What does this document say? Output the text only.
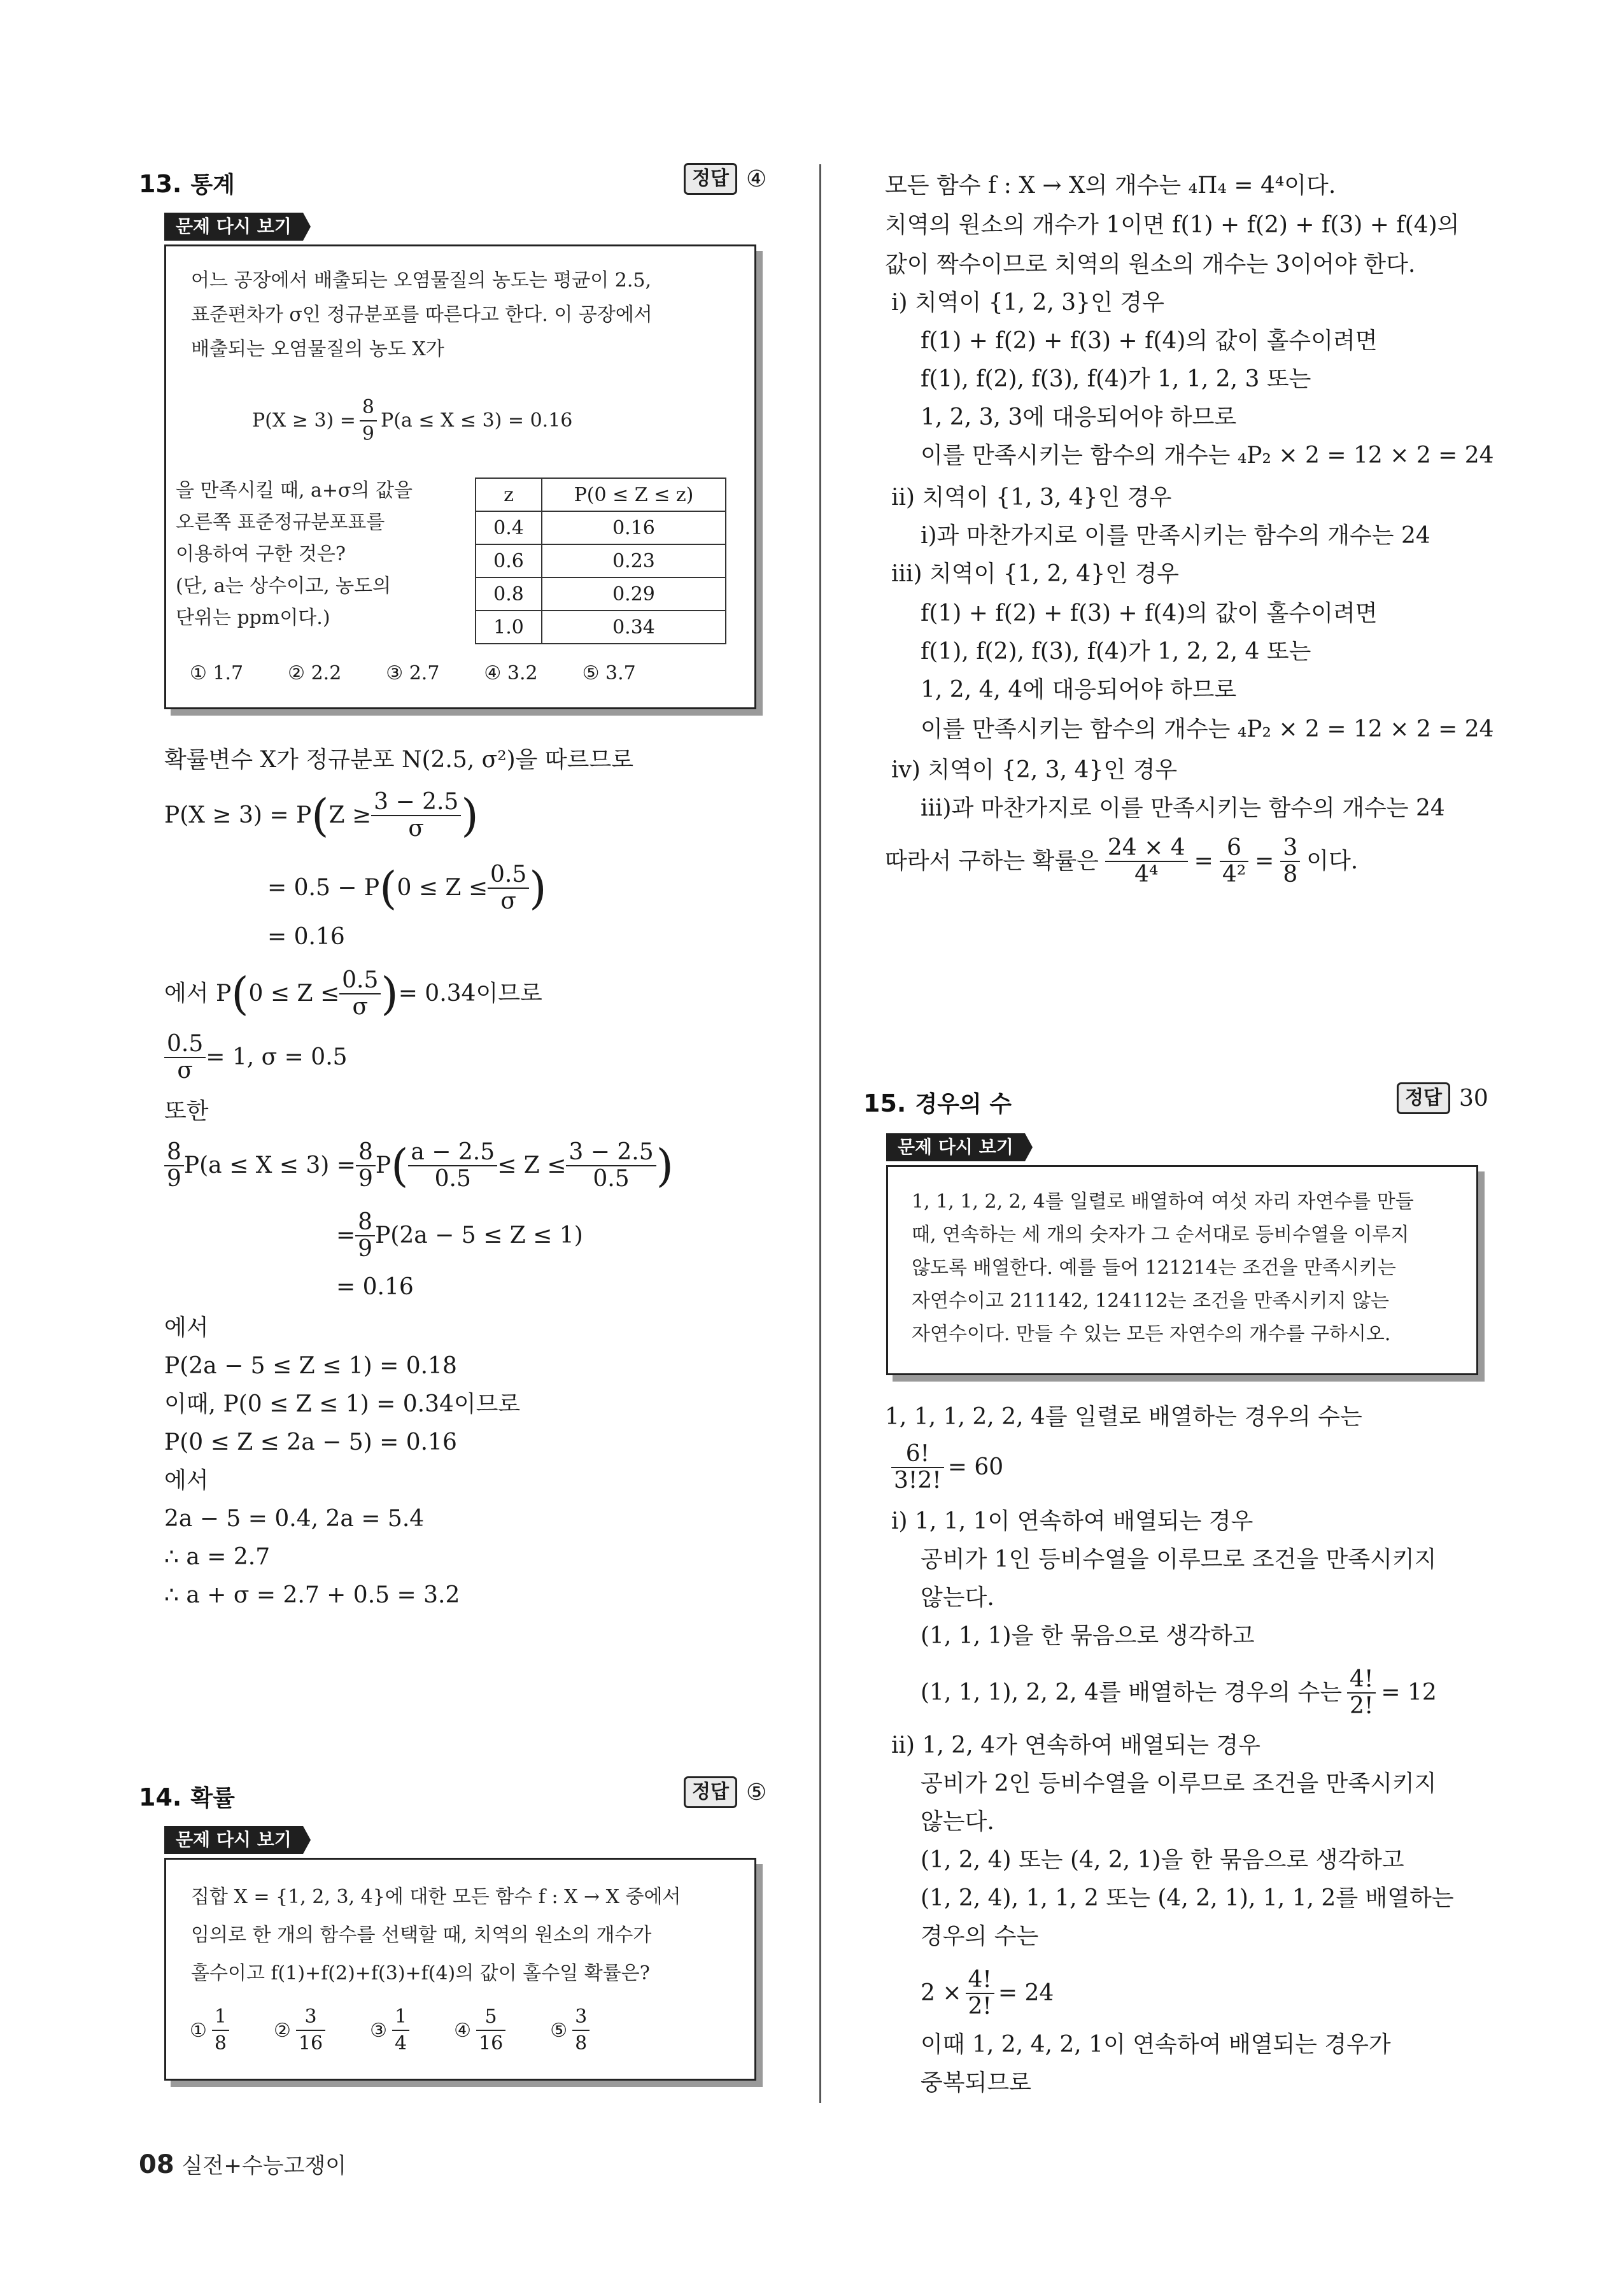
13. 통계	정답 ④
문제 다시 보기
어느 공장에서 배출되는 오염물질의 농도는 평균이 2.5,
표준편차가 σ인 정규분포를 따른다고 한다. 이 공장에서
배출되는 오염물질의 농도 X가
$P(X \ge 3) = \frac{8}{9} P(a \le X \le 3) = 0.16$
을 만족시킬 때, a+σ의 값을
오른쪽 표준정규분포표를
이용하여 구한 것은?
(단, a는 상수이고, 농도의
단위는 ppm이다.)
z	P(0 ≤ Z ≤ z)
0.4	0.16
0.6	0.23
0.8	0.29
1.0	0.34
① 1.7 ② 2.2 ③ 2.7 ④ 3.2 ⑤ 3.7
확률변수 X가 정규분포 N(2.5, σ²)을 따르므로
P(X ≥ 3) = P ( $Z \ge \frac{3 - 2.5}{\sigma}$ )
= 0.5 − P ( $0 \le Z \le \frac{0.5}{\sigma}$ )
= 0.16
에서 P ( $0 \le Z \le \frac{0.5}{\sigma}$ ) = 0.34이므로
$\frac{0.5}{\sigma} = 1$, σ = 0.5
또한
$\frac{8}{9} P(a \le X \le 3) = \frac{8}{9}$ P ( $\frac{a - 2.5}{0.5} \le Z \le \frac{3 - 2.5}{0.5}$ )
= $\frac{8}{9} P(2a - 5 \le Z \le 1)$
= 0.16
에서
P(2a − 5 ≤ Z ≤ 1) = 0.18
이때, P(0 ≤ Z ≤ 1) = 0.34이므로
P(0 ≤ Z ≤ 2a − 5) = 0.16
에서
2a − 5 = 0.4, 2a = 5.4
∴ a = 2.7
∴ a + σ = 2.7 + 0.5 = 3.2
14. 확률	정답 ⑤
문제 다시 보기
집합 X = {1, 2, 3, 4}에 대한 모든 함수 f : X → X 중에서
임의로 한 개의 함수를 선택할 때, 치역의 원소의 개수가
홀수이고 f(1)+f(2)+f(3)+f(4)의 값이 홀수일 확률은?
① $\frac{1}{8}$ ② $\frac{3}{16}$ ③ $\frac{1}{4}$ ④ $\frac{5}{16}$ ⑤ $\frac{3}{8}$
모든 함수 f : X → X의 개수는 ₄Π₄ = 4⁴이다.
치역의 원소의 개수가 1이면 f(1) + f(2) + f(3) + f(4)의
값이 짝수이므로 치역의 원소의 개수는 3이어야 한다.
ⅰ) 치역이 {1, 2, 3}인 경우
f(1) + f(2) + f(3) + f(4)의 값이 홀수이려면
f(1), f(2), f(3), f(4)가 1, 1, 2, 3 또는
1, 2, 3, 3에 대응되어야 하므로
이를 만족시키는 함수의 개수는 ₄P₂ × 2 = 12 × 2 = 24
ⅱ) 치역이 {1, 3, 4}인 경우
ⅰ)과 마찬가지로 이를 만족시키는 함수의 개수는 24
ⅲ) 치역이 {1, 2, 4}인 경우
f(1) + f(2) + f(3) + f(4)의 값이 홀수이려면
f(1), f(2), f(3), f(4)가 1, 2, 2, 4 또는
1, 2, 4, 4에 대응되어야 하므로
이를 만족시키는 함수의 개수는 ₄P₂ × 2 = 12 × 2 = 24
ⅳ) 치역이 {2, 3, 4}인 경우
ⅲ)과 마찬가지로 이를 만족시키는 함수의 개수는 24
따라서 구하는 확률은 $\frac{24 \times 4}{\text{4⁴}} = \frac{6}{\text{4²}} = \frac{3}{8}$ 이다.
15. 경우의 수	정답 30
문제 다시 보기
1, 1, 1, 2, 2, 4를 일렬로 배열하여 여섯 자리 자연수를 만들
때, 연속하는 세 개의 숫자가 그 순서대로 등비수열을 이루지
않도록 배열한다. 예를 들어 121214는 조건을 만족시키는
자연수이고 211142, 124112는 조건을 만족시키지 않는
자연수이다. 만들 수 있는 모든 자연수의 개수를 구하시오.
1, 1, 1, 2, 2, 4를 일렬로 배열하는 경우의 수는
$\frac{6!}{3!2!} = 60$
ⅰ) 1, 1, 1이 연속하여 배열되는 경우
공비가 1인 등비수열을 이루므로 조건을 만족시키지
않는다.
(1, 1, 1)을 한 묶음으로 생각하고
(1, 1, 1), 2, 2, 4를 배열하는 경우의 수는 $\frac{4!}{2!} = 12$
ⅱ) 1, 2, 4가 연속하여 배열되는 경우
공비가 2인 등비수열을 이루므로 조건을 만족시키지
않는다.
(1, 2, 4) 또는 (4, 2, 1)을 한 묶음으로 생각하고
(1, 2, 4), 1, 1, 2 또는 (4, 2, 1), 1, 1, 2를 배열하는
경우의 수는
$2 \times \frac{4!}{2!} = 24$
이때 1, 2, 4, 2, 1이 연속하여 배열되는 경우가
중복되므로
08 실전+수능고쟁이
